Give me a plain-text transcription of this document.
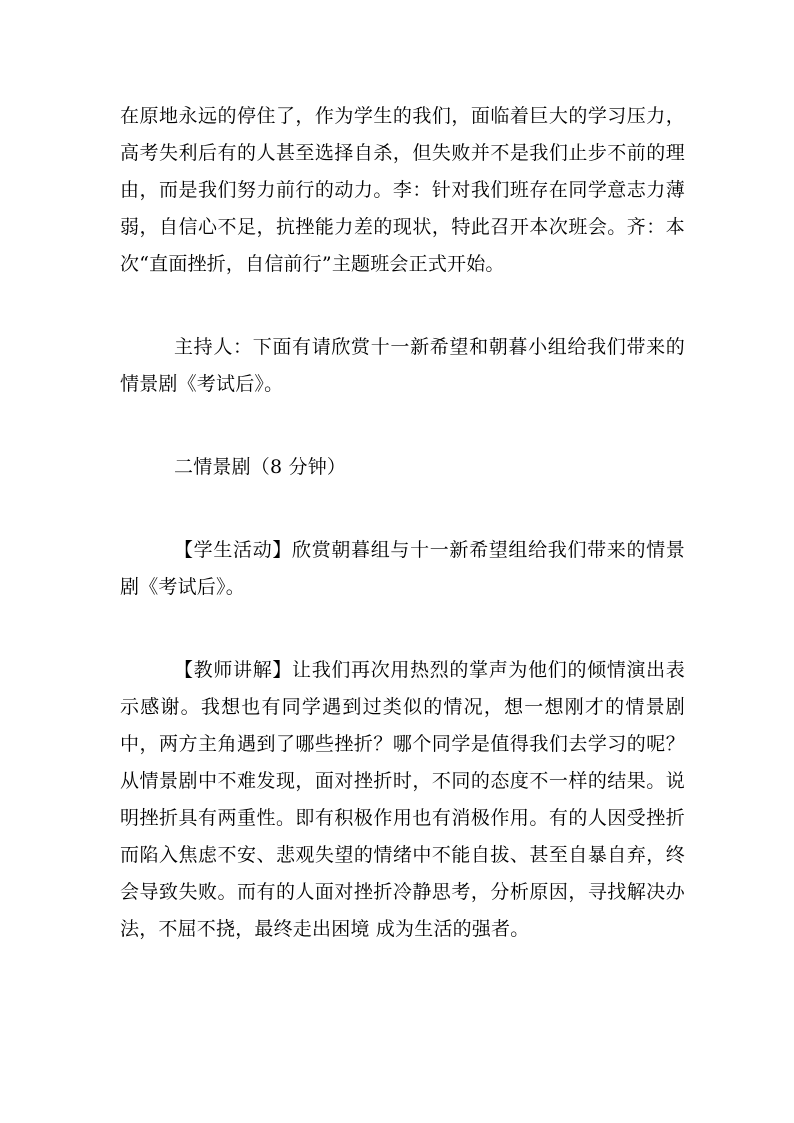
在原地永远的停住了，作为学生的我们，面临着巨大的学习压力，高考失利后有的人甚至选择自杀，但失败并不是我们止步不前的理由，而是我们努力前行的动力。李：针对我们班存在同学意志力薄弱，自信心不足，抗挫能力差的现状，特此召开本次班会。齐：本次“直面挫折，自信前行”主题班会正式开始。

主持人：下面有请欣赏十一新希望和朝暮小组给我们带来的情景剧《考试后》。

二情景剧（8 分钟）

【学生活动】欣赏朝暮组与十一新希望组给我们带来的情景剧《考试后》。

【教师讲解】让我们再次用热烈的掌声为他们的倾情演出表示感谢。我想也有同学遇到过类似的情况，想一想刚才的情景剧中，两方主角遇到了哪些挫折？哪个同学是值得我们去学习的呢？ 从情景剧中不难发现，面对挫折时，不同的态度不一样的结果。说明挫折具有两重性。即有积极作用也有消极作用。有的人因受挫折而陷入焦虑不安、悲观失望的情绪中不能自拔、甚至自暴自弃，终会导致失败。而有的人面对挫折冷静思考，分析原因，寻找解决办法，不屈不挠，最终走出困境 成为生活的强者。
